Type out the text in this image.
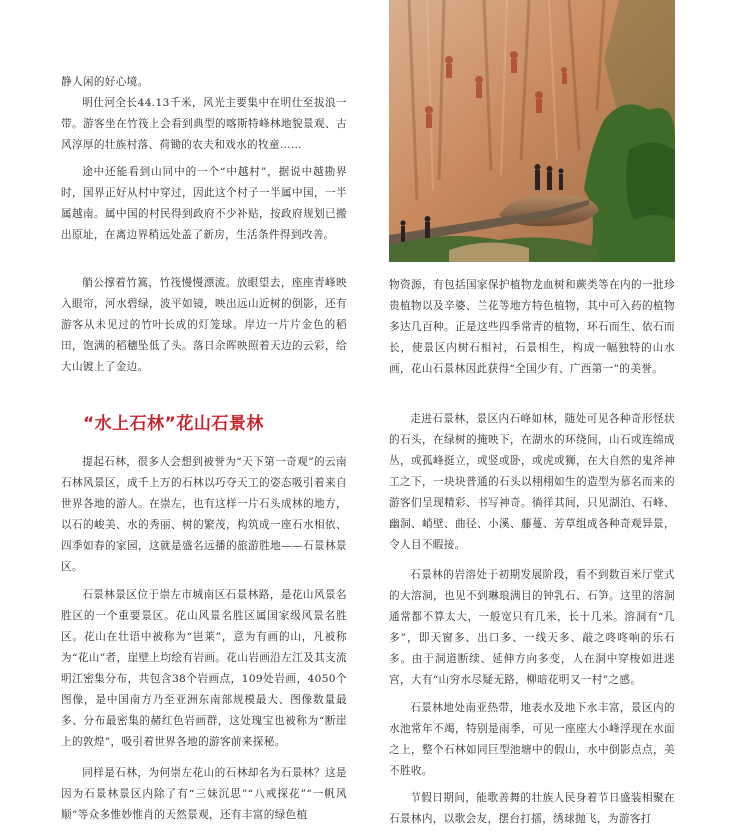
静人闲的好心境。

明仕河全长44.13千米，风光主要集中在明仕至拔浪一带。游客坐在竹筏上会看到典型的喀斯特峰林地貌景观、古风淳厚的壮族村落、荷锄的农夫和戏水的牧童……

途中还能看到山同中的一个“中越村”，据说中越勘界时，国界正好从村中穿过，因此这个村子一半属中国，一半属越南。属中国的村民得到政府不少补贴，按政府规划已搬出原址，在离边界稍远处盖了新房，生活条件得到改善。

艄公撑着竹篙，竹筏慢慢漂流。放眼望去，座座青峰映入眼帘，河水碧绿，波平如镜，映出远山近树的倒影，还有游客从未见过的竹叶长成的灯笼球。岸边一片片金色的稻田，饱满的稻穗坠低了头。落日余晖映照着天边的云彩，给大山镀上了金边。

“水上石林”花山石景林

提起石林，很多人会想到被誉为“天下第一奇观”的云南石林风景区，成千上万的石林以巧夺天工的姿态吸引着来自世界各地的游人。在崇左，也有这样一片石头成林的地方，以石的峻美、水的秀丽、树的繁茂，构筑成一座石水相依、四季如春的家园，这就是盛名远播的旅游胜地——石景林景区。

石景林景区位于崇左市城南区石景林路，是花山风景名胜区的一个重要景区。花山风景名胜区属国家级风景名胜区。花山在壮语中被称为“岜莱”，意为有画的山，凡被称为“花山”者，崖壁上均绘有岩画。花山岩画沿左江及其支流明江密集分布，共包含38个岩画点，109处岩画，4050个图像，是中国南方乃至亚洲东南部规模最大、图像数量最多、分布最密集的赭红色岩画群，这处瑰宝也被称为“断崖上的敦煌”，吸引着世界各地的游客前来探秘。

同样是石林，为何崇左花山的石林却名为石景林？这是因为石景林景区内除了有“三妹沉思”“八戒探花”“一帆风顺”等众多惟妙惟肖的天然景观，还有丰富的绿色植

物资源，有包括国家保护植物龙血树和蕨类等在内的一批珍贵植物以及辛婆、兰花等地方特色植物，其中可入药的植物多达几百种。正是这些四季常青的植物，环石而生、依石而长，使景区内树石相衬，石景相生，构成一幅独特的山水画，花山石景林因此获得“全国少有、广西第一”的美誉。

走进石景林，景区内石峰如林，随处可见各种奇形怪状的石头，在绿树的掩映下，在湖水的环绕间，山石或连绵成丛，或孤峰挺立，或竖或卧，或虎或狮，在大自然的鬼斧神工之下，一块块普通的石头以栩栩如生的造型为慕名而来的游客们呈现精彩、书写神奇。徜徉其间，只见湖泊、石峰、幽洞、峭壁、曲径、小溪、藤蔓、芳草组成各种奇观异景，令人目不暇接。

石景林的岩溶处于初期发展阶段，看不到数百米厅堂式的大溶洞，也见不到琳琅满目的钟乳石、石笋。这里的溶洞通常都不算太大，一般宽只有几米，长十几米。溶洞有“几多”，即天窗多、出口多、一线天多、敲之咚咚响的乐石多。由于洞道断续、延伸方向多变，人在洞中穿梭如进迷宫，大有“山穷水尽疑无路，柳暗花明又一村”之感。

石景林地处南亚热带，地表水及地下水丰富，景区内的水池常年不竭，特别是雨季，可见一座座大小峰浮现在水面之上，整个石林如同巨型池塘中的假山，水中倒影点点，美不胜收。

节假日期间，能歌善舞的壮族人民身着节日盛装相聚在石景林内，以歌会友，摆台打擂，绣球抛飞，为游客打
